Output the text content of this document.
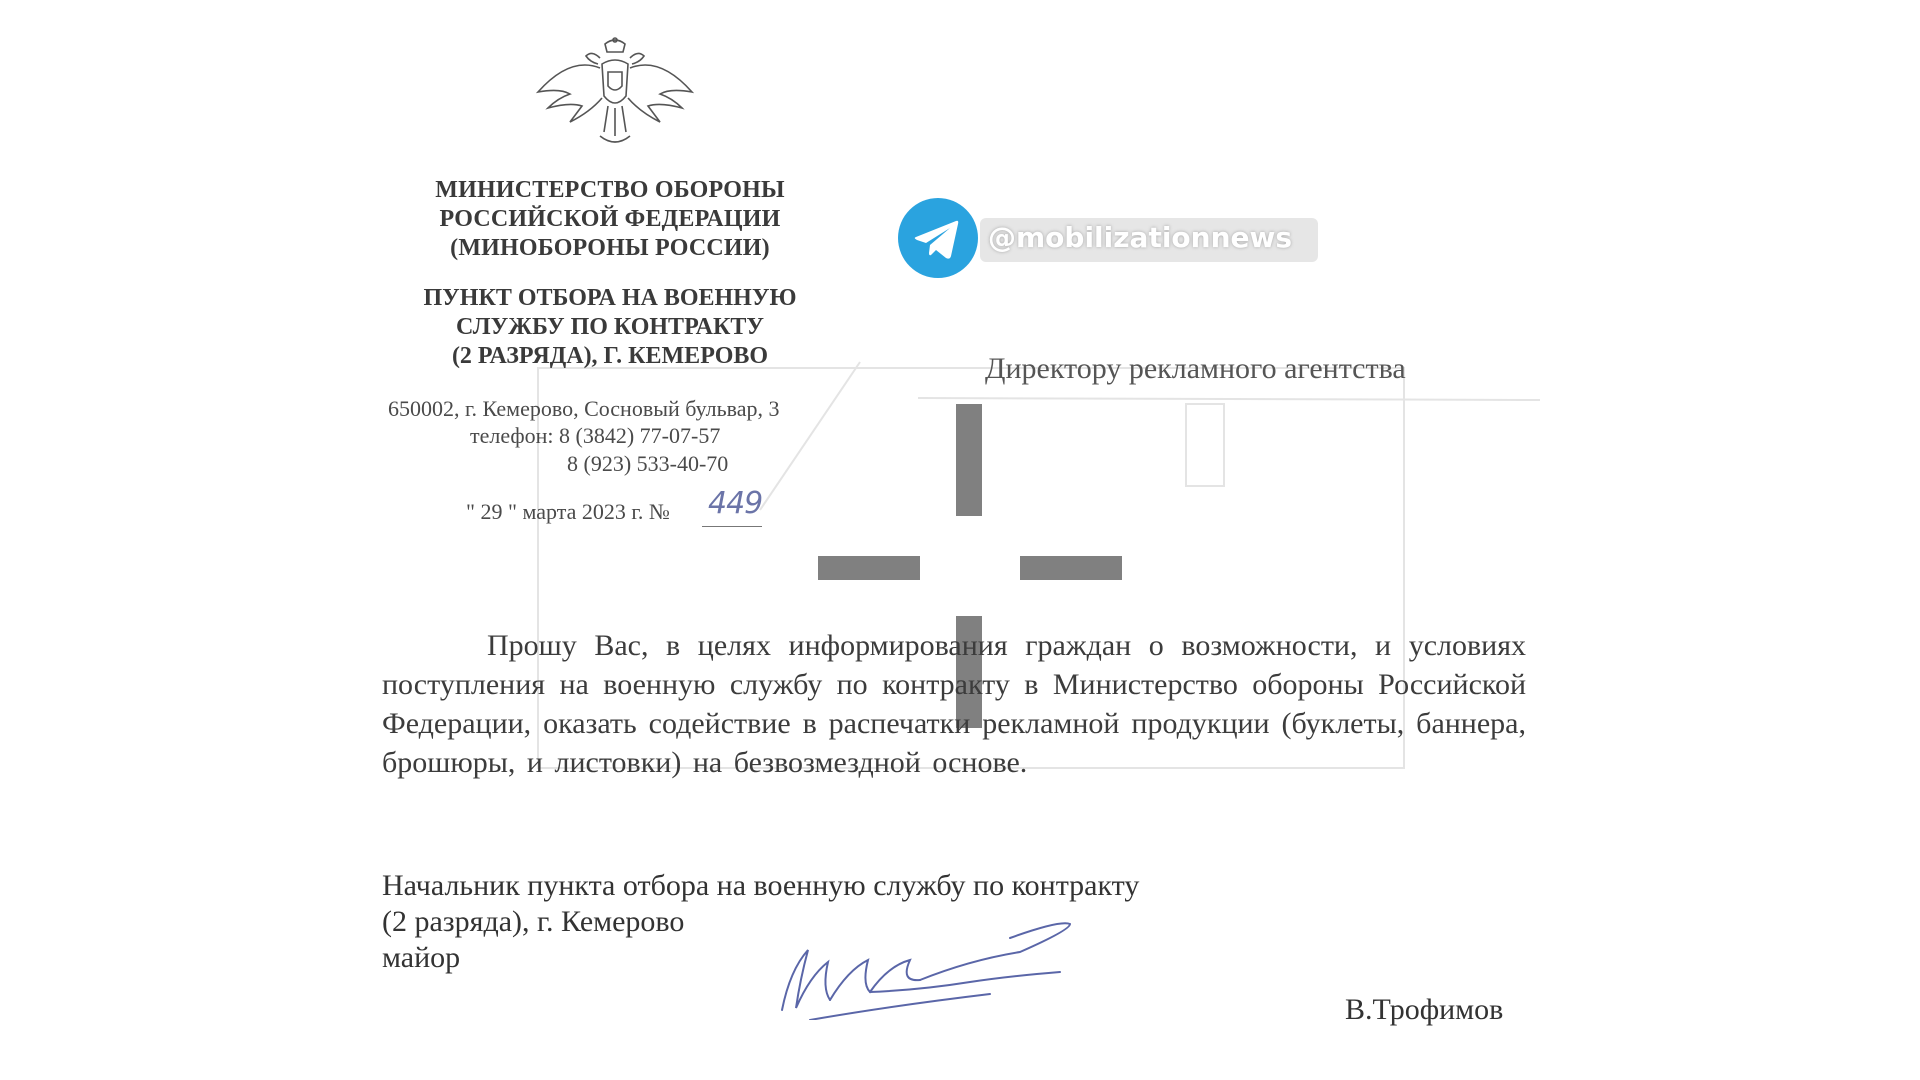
МИНИСТЕРСТВО ОБОРОНЫ
РОССИЙСКОЙ ФЕДЕРАЦИИ
(МИНОБОРОНЫ РОССИИ)
ПУНКТ ОТБОРА НА ВОЕННУЮ
СЛУЖБУ ПО КОНТРАКТУ
(2 РАЗРЯДА), Г. КЕМЕРОВО
650002, г. Кемерово, Сосновый бульвар, 3
телефон: 8 (3842) 77-07-57
8 (923) 533-40-70
" 29 " марта 2023 г. № 449
@mobilizationnews
Директору рекламного агентства
Прошу Вас, в целях информирования граждан о возможности, и условиях поступления на военную службу по контракту в Министерство обороны Российской Федерации, оказать содействие в распечатки рекламной продукции (буклеты, баннера, брошюры, и листовки) на безвозмездной основе.
Начальник пункта отбора на военную службу по контракту
(2 разряда), г. Кемерово
майор
В.Трофимов
